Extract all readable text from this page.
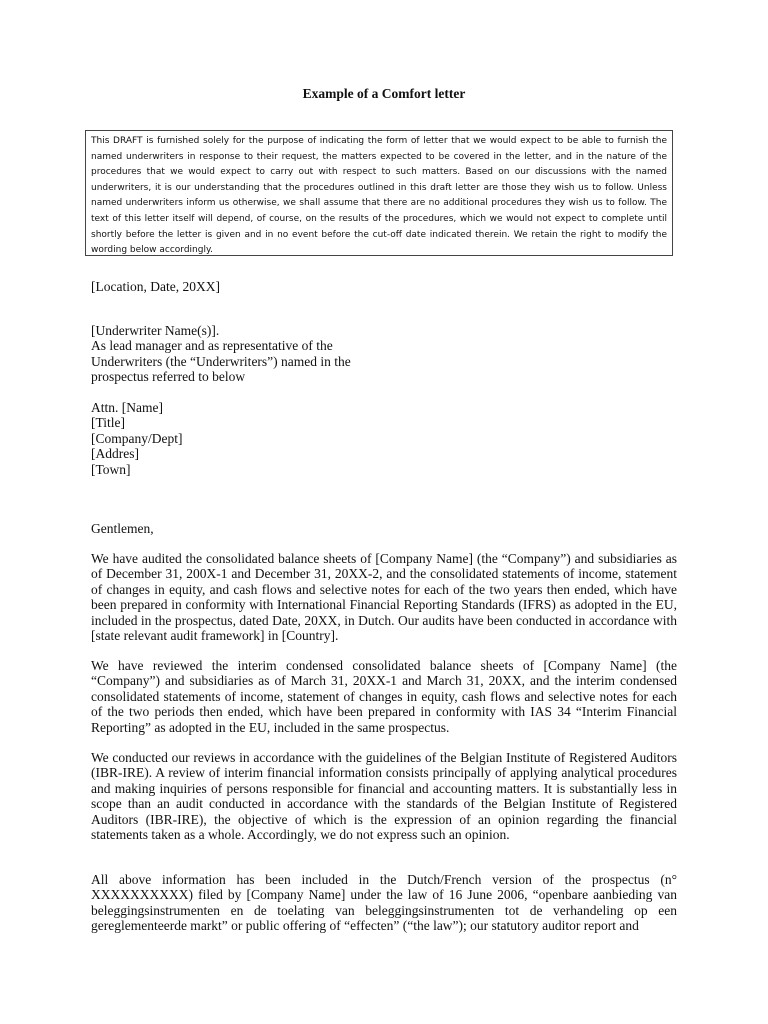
Example of a Comfort letter
This DRAFT is furnished solely for the purpose of indicating the form of letter that we would expect to be able to furnish the named underwriters in response to their request, the matters expected to be covered in the letter, and in the nature of the procedures that we would expect to carry out with respect to such matters. Based on our discussions with the named underwriters, it is our understanding that the procedures outlined in this draft letter are those they wish us to follow. Unless named underwriters inform us otherwise, we shall assume that there are no additional procedures they wish us to follow. The text of this letter itself will depend, of course, on the results of the procedures, which we would not expect to complete until shortly before the letter is given and in no event before the cut-off date indicated therein. We retain the right to modify the wording below accordingly.
[Location, Date, 20XX]
[Underwriter Name(s)].
As lead manager and as representative of the
Underwriters (the “Underwriters”) named in the
prospectus referred to below
Attn. [Name]
[Title]
[Company/Dept]
[Addres]
[Town]
Gentlemen,
We have audited the consolidated balance sheets of [Company Name] (the “Company”) and subsidiaries as of December 31, 200X-1 and December 31, 20XX-2, and the consolidated statements of income, statement of changes in equity, and cash flows and selective notes for each of the two years then ended, which have been prepared in conformity with International Financial Reporting Standards (IFRS) as adopted in the EU, included in the prospectus, dated Date, 20XX, in Dutch. Our audits have been conducted in accordance with [state relevant audit framework] in [Country].
We have reviewed the interim condensed consolidated balance sheets of [Company Name] (the “Company”) and subsidiaries as of March 31, 20XX-1 and March 31, 20XX, and the interim condensed consolidated statements of income, statement of changes in equity, cash flows and selective notes for each of the two periods then ended, which have been prepared in conformity with IAS 34 “Interim Financial Reporting” as adopted in the EU, included in the same prospectus.
We conducted our reviews in accordance with the guidelines of the Belgian Institute of Registered Auditors (IBR-IRE). A review of interim financial information consists principally of applying analytical procedures and making inquiries of persons responsible for financial and accounting matters. It is substantially less in scope than an audit conducted in accordance with the standards of the Belgian Institute of Registered Auditors (IBR-IRE), the objective of which is the expression of an opinion regarding the financial statements taken as a whole. Accordingly, we do not express such an opinion.
All above information has been included in the Dutch/French version of the prospectus (n° XXXXXXXXXX) filed by [Company Name] under the law of 16 June 2006, “openbare aanbieding van beleggingsinstrumenten en de toelating van beleggingsinstrumenten tot de verhandeling op een gereglementeerde markt” or public offering of “effecten” (“the law”); our statutory auditor report and
